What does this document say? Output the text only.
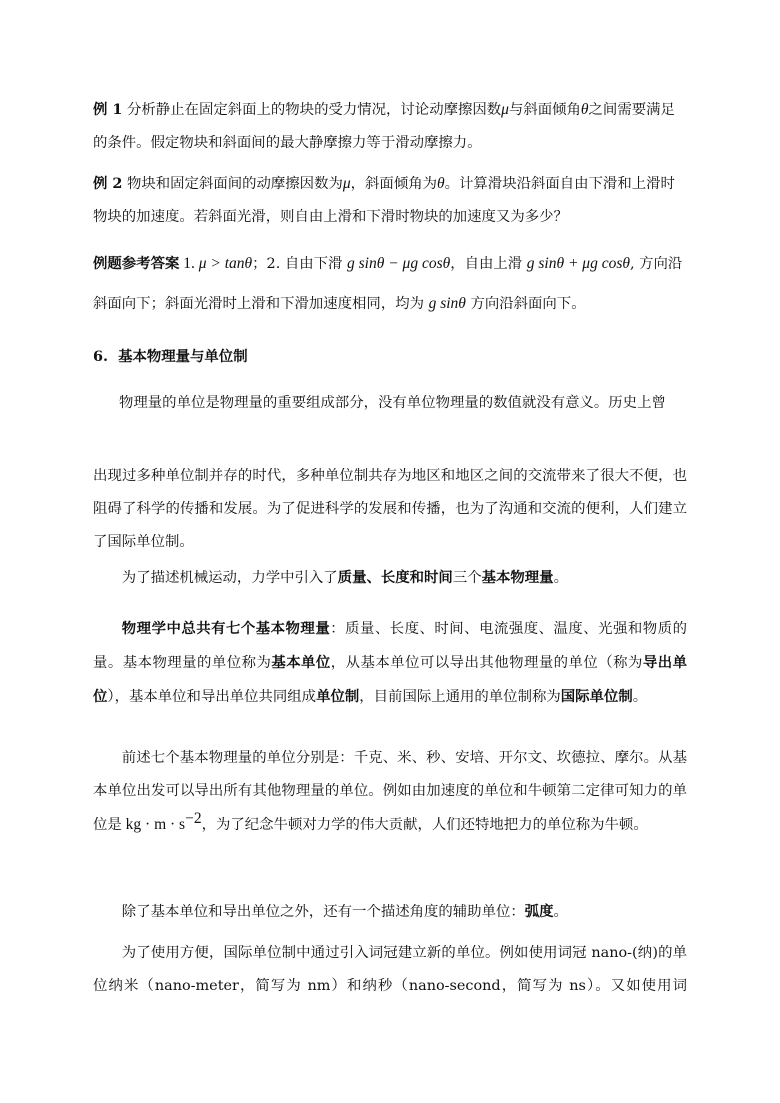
例 1 分析静止在固定斜面上的物块的受力情况，讨论动摩擦因数μ与斜面倾角θ之间需要满足的条件。假定物块和斜面间的最大静摩擦力等于滑动摩擦力。

例 2 物块和固定斜面间的动摩擦因数为μ，斜面倾角为θ。计算滑块沿斜面自由下滑和上滑时物块的加速度。若斜面光滑，则自由上滑和下滑时物块的加速度又为多少？

例题参考答案 1. μ > tanθ；2. 自由下滑 g sinθ − μg cosθ，自由上滑 g sinθ + μg cosθ, 方向沿斜面向下；斜面光滑时上滑和下滑加速度相同，均为 g sinθ 方向沿斜面向下。

6. 基本物理量与单位制

物理量的单位是物理量的重要组成部分，没有单位物理量的数值就没有意义。历史上曾

出现过多种单位制并存的时代，多种单位制共存为地区和地区之间的交流带来了很大不便，也阻碍了科学的传播和发展。为了促进科学的发展和传播，也为了沟通和交流的便利，人们建立了国际单位制。

为了描述机械运动，力学中引入了质量、长度和时间三个基本物理量。

物理学中总共有七个基本物理量：质量、长度、时间、电流强度、温度、光强和物质的量。基本物理量的单位称为基本单位，从基本单位可以导出其他物理量的单位（称为导出单位），基本单位和导出单位共同组成单位制，目前国际上通用的单位制称为国际单位制。

前述七个基本物理量的单位分别是：千克、米、秒、安培、开尔文、坎德拉、摩尔。从基本单位出发可以导出所有其他物理量的单位。例如由加速度的单位和牛顿第二定律可知力的单位是 kg · $m \cdot s^{-2}$，为了纪念牛顿对力学的伟大贡献，人们还特地把力的单位称为牛顿。

除了基本单位和导出单位之外，还有一个描述角度的辅助单位：弧度。

为了使用方便，国际单位制中通过引入词冠建立新的单位。例如使用词冠 nano-(纳)的单位纳米（nano-meter，简写为 nm）和纳秒（nano-second，简写为 ns）。又如使用词
